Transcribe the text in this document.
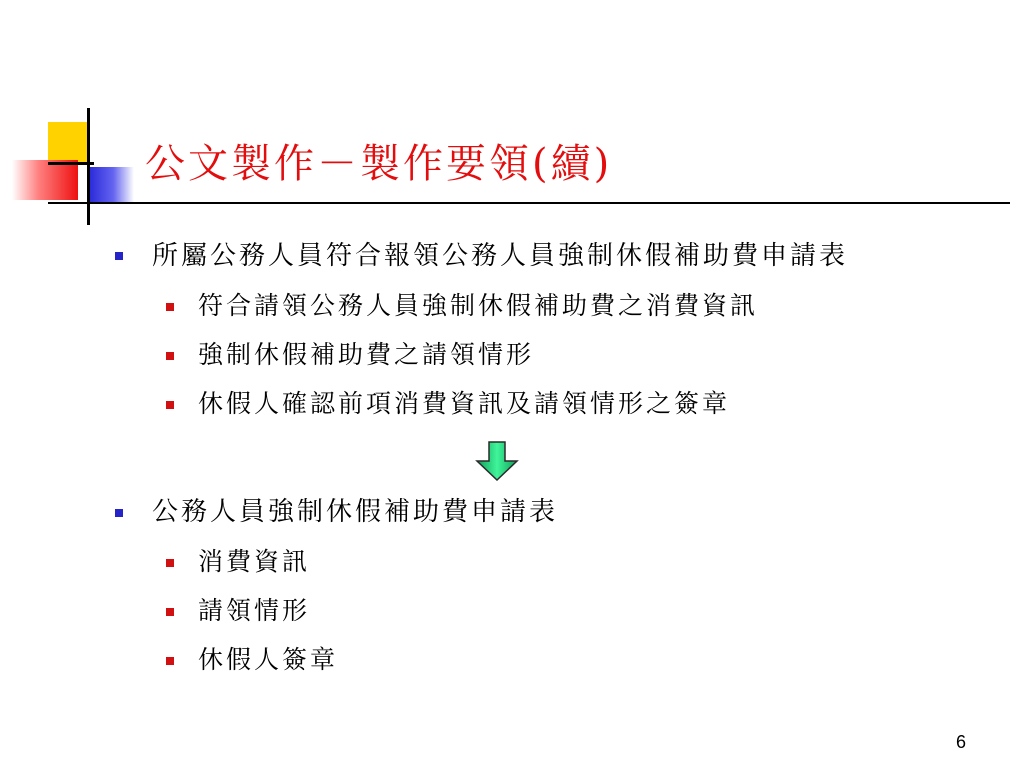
公文製作－製作要領(續)
所屬公務人員符合報領公務人員強制休假補助費申請表
符合請領公務人員強制休假補助費之消費資訊
強制休假補助費之請領情形
休假人確認前項消費資訊及請領情形之簽章
公務人員強制休假補助費申請表
消費資訊
請領情形
休假人簽章
6
